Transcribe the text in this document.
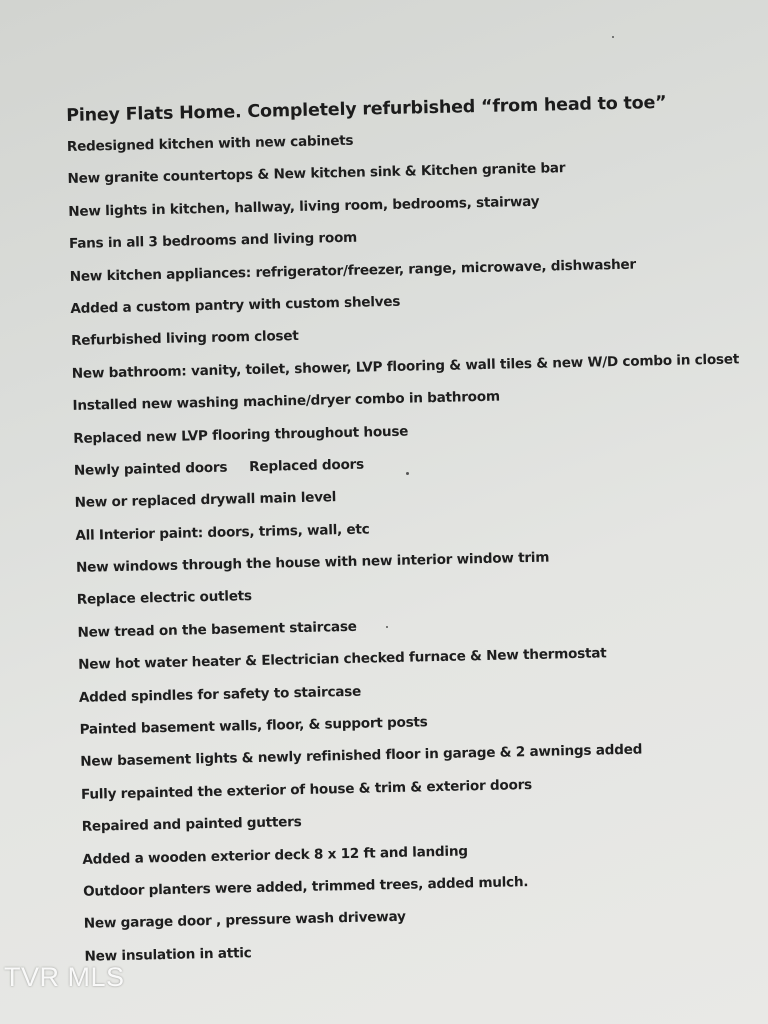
Piney Flats Home. Completely refurbished “from head to toe”
Redesigned kitchen with new cabinets
New granite countertops & New kitchen sink & Kitchen granite bar
New lights in kitchen, hallway, living room, bedrooms, stairway
Fans in all 3 bedrooms and living room
New kitchen appliances: refrigerator/freezer, range, microwave, dishwasher
Added a custom pantry with custom shelves
Refurbished living room closet
New bathroom: vanity, toilet, shower, LVP flooring & wall tiles & new W/D combo in closet
Installed new washing machine/dryer combo in bathroom
Replaced new LVP flooring throughout house
Newly painted doors Replaced doors
New or replaced drywall main level
All Interior paint: doors, trims, wall, etc
New windows through the house with new interior window trim
Replace electric outlets
New tread on the basement staircase
New hot water heater & Electrician checked furnace & New thermostat
Added spindles for safety to staircase
Painted basement walls, floor, & support posts
New basement lights & newly refinished floor in garage & 2 awnings added
Fully repainted the exterior of house & trim & exterior doors
Repaired and painted gutters
Added a wooden exterior deck 8 x 12 ft and landing
Outdoor planters were added, trimmed trees, added mulch.
New garage door , pressure wash driveway
New insulation in attic
TVR MLS
